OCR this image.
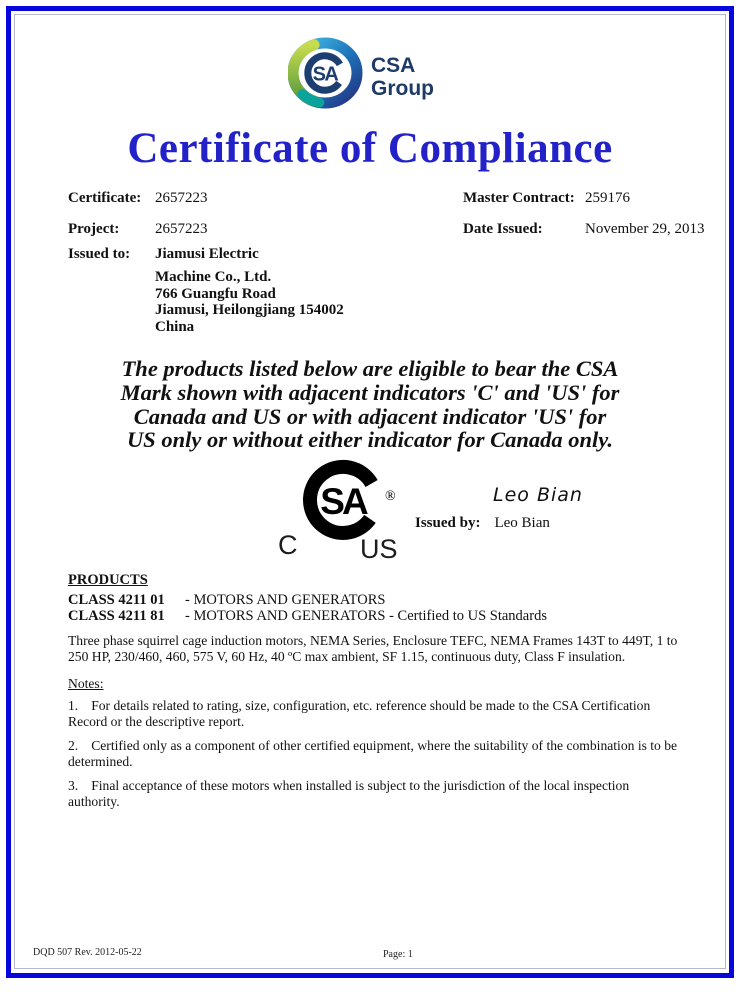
SA CSA
Group
Certificate of Compliance
Certificate: 2657223	Master Contract: 259176
Project: 2657223	Date Issued:	November 29, 2013
Issued to: Jiamusi Electric
Machine Co., Ltd.
766 Guangfu Road
Jiamusi, Heilongjiang 154002
China
The products listed below are eligible to bear the CSA
Mark shown with adjacent indicators 'C' and 'US' for
Canada and US or with adjacent indicator 'US' for
US only or without either indicator for Canada only.
SA ®
C US
Leo Bian
Issued by: Leo Bian
PRODUCTS
CLASS 4211 01 - MOTORS AND GENERATORS
CLASS 4211 81 - MOTORS AND GENERATORS - Certified to US Standards
Three phase squirrel cage induction motors, NEMA Series, Enclosure TEFC, NEMA Frames 143T to 449T, 1 to 250 HP, 230/460, 460, 575 V, 60 Hz, 40 ºC max ambient, SF 1.15, continuous duty, Class F insulation.
Notes:
1. For details related to rating, size, configuration, etc. reference should be made to the CSA Certification Record or the descriptive report.
2. Certified only as a component of other certified equipment, where the suitability of the combination is to be determined.
3. Final acceptance of these motors when installed is subject to the jurisdiction of the local inspection authority.
DQD 507 Rev. 2012-05-22	Page: 1
